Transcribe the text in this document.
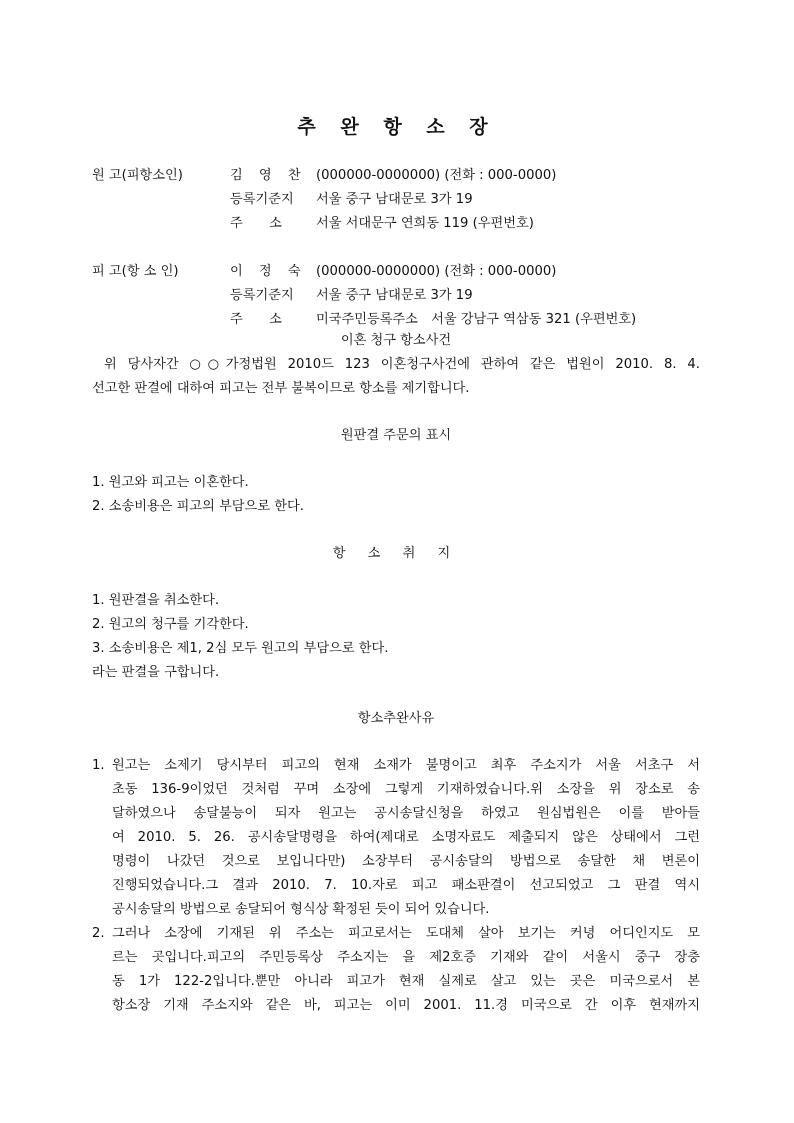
추 완 항 소 장
원 고(피항소인)	김 영 찬 (000000-0000000) (전화 : 000-0000)
등록기준지 서울 중구 남대문로 3가 19
주　　소	서울 서대문구 연희동 119 (우편번호)
피 고(항 소 인)	이 정 숙 (000000-0000000) (전화 : 000-0000)
등록기준지 서울 중구 남대문로 3가 19
주　　소	미국주민등록주소　서울 강남구 역삼동 321 (우편번호)
이혼 청구 항소사건
위 당사자간 ○○가정법원 2010드 123 이혼청구사건에 관하여 같은 법원이 2010. 8. 4.
선고한 판결에 대하여 피고는 전부 불복이므로 항소를 제기합니다.
원판결 주문의 표시
1. 원고와 피고는 이혼한다.
2. 소송비용은 피고의 부담으로 한다.
항 소 취 지
1. 원판결을 취소한다.
2. 원고의 청구를 기각한다.
3. 소송비용은 제1, 2심 모두 원고의 부담으로 한다.
라는 판결을 구합니다.
항소추완사유
1. 원고는 소제기 당시부터 피고의 현재 소재가 불명이고 최후 주소지가 서울 서초구 서
초동 136-9이었던 것처럼 꾸며 소장에 그렇게 기재하였습니다.위 소장을 위 장소로 송
달하였으나 송달불능이 되자 원고는 공시송달신청을 하였고 원심법원은 이를 받아들
여 2010. 5. 26. 공시송달명령을 하여(제대로 소명자료도 제출되지 않은 상태에서 그런
명령이 나갔던 것으로 보입니다만) 소장부터 공시송달의 방법으로 송달한 채 변론이
진행되었습니다.그 결과 2010. 7. 10.자로 피고 패소판결이 선고되었고 그 판결 역시
공시송달의 방법으로 송달되어 형식상 확정된 듯이 되어 있습니다.
2. 그러나 소장에 기재된 위 주소는 피고로서는 도대체 살아 보기는 커녕 어디인지도 모
르는 곳입니다.피고의 주민등록상 주소지는 을 제2호증 기재와 같이 서울시 중구 장충
동 1가 122-2입니다.뿐만 아니라 피고가 현재 실제로 살고 있는 곳은 미국으로서 본
항소장 기재 주소지와 같은 바, 피고는 이미 2001. 11.경 미국으로 간 이후 현재까지
